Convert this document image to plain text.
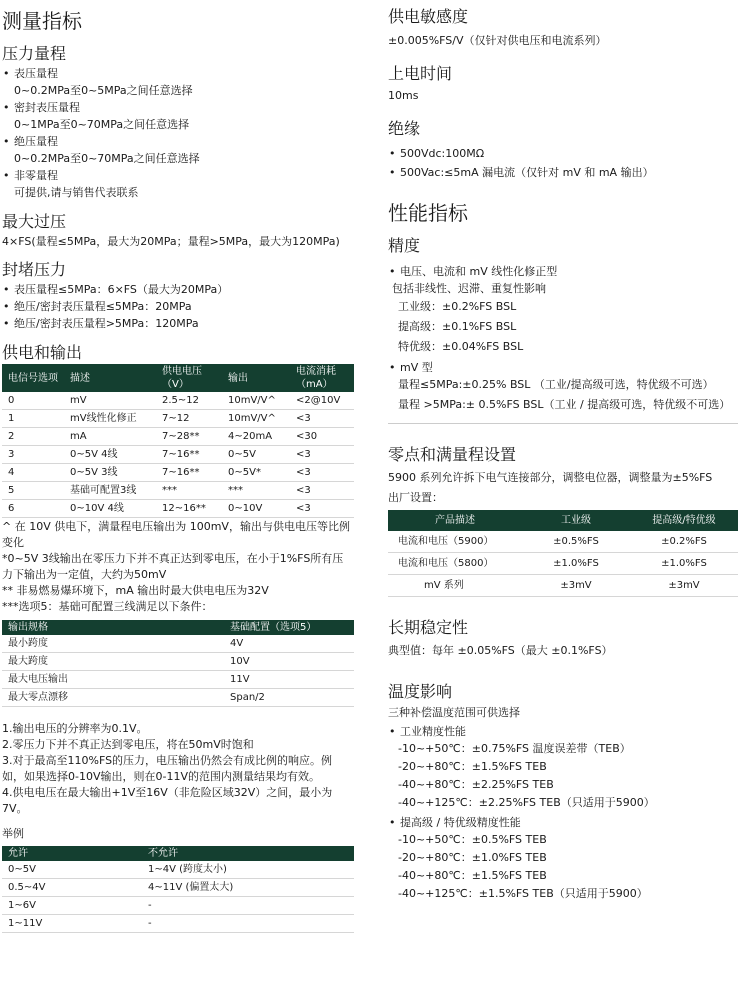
测量指标
压力量程
• 表压量程
0~0.2MPa至0~5MPa之间任意选择
• 密封表压量程
0~1MPa至0~70MPa之间任意选择
• 绝压量程
0~0.2MPa至0~70MPa之间任意选择
• 非零量程
可提供,请与销售代表联系
最大过压

4×FS(量程≤5MPa，最大为20MPa；量程>5MPa，最大为120MPa)

封堵压力
• 表压量程≤5MPa：6×FS（最大为20MPa）
• 绝压/密封表压量程≤5MPa：20MPa
• 绝压/密封表压量程>5MPa：120MPa
供电和输出
电信号选项	描述	供电电压（V）	输出	电流消耗（mA）
0	mV	2.5~12	10mV/V^	<2@10V
1	mV线性化修正	7~12	10mV/V^	<3
2	mA	7~28**	4~20mA	<30
3	0~5V 4线	7~16**	0~5V	<3
4	0~5V 3线	7~16**	0~5V*	<3
5	基础可配置3线	***	***	<3
6	0~10V 4线	12~16**	0~10V	<3
^ 在 10V 供电下，满量程电压输出为 100mV，输出与供电电压等比例变化
*0~5V 3线输出在零压力下并不真正达到零电压，在小于1%FS所有压力下输出为一定值，大约为50mV
** 非易燃易爆环境下，mA 输出时最大供电电压为32V
***选项5：基础可配置三线满足以下条件：
输出规格	基础配置（选项5）
最小跨度	4V
最大跨度	10V
最大电压输出	11V
最大零点漂移	Span/2
1.输出电压的分辨率为0.1V。
2.零压力下并不真正达到零电压，将在50mV时饱和
3.对于最高至110%FS的压力，电压输出仍然会有成比例的响应。例如，如果选择0-10V输出，则在0-11V的范围内测量结果均有效。
4.供电电压在最大输出+1V至16V（非危险区域32V）之间，最小为7V。
举例
允许	不允许
0~5V	1~4V (跨度太小)
0.5~4V	4~11V (偏置太大)
1~6V	-
1~11V	-
供电敏感度

±0.005%FS/V（仅针对供电压和电流系列）

上电时间

10ms

绝缘
• 500Vdc:100MΩ
• 500Vac:≤5mA 漏电流（仅针对 mV 和 mA 输出）
性能指标
精度
• 电压、电流和 mV 线性化修正型
包括非线性、迟滞、重复性影响
工业级：±0.2%FS BSL
提高级：±0.1%FS BSL
特优级：±0.04%FS BSL
• mV 型
量程≤5MPa:±0.25% BSL （工业/提高级可选，特优级不可选）
量程 >5MPa:± 0.5%FS BSL（工业 / 提高级可选，特优级不可选）
零点和满量程设置

5900 系列允许拆下电气连接部分，调整电位器，调整量为±5%FS

出厂设置：

产品描述	工业级	提高级/特优级
电流和电压（5900）	±0.5%FS	±0.2%FS
电流和电压（5800）	±1.0%FS	±1.0%FS
mV 系列	±3mV	±3mV
长期稳定性

典型值：每年 ±0.05%FS（最大 ±0.1%FS）

温度影响

三种补偿温度范围可供选择

• 工业精度性能
-10~+50℃：±0.75%FS 温度误差带（TEB）
-20~+80℃：±1.5%FS TEB
-40~+80℃：±2.25%FS TEB
-40~+125℃：±2.25%FS TEB（只适用于5900）
• 提高级 / 特优级精度性能
-10~+50℃：±0.5%FS TEB
-20~+80℃：±1.0%FS TEB
-40~+80℃：±1.5%FS TEB
-40~+125℃：±1.5%FS TEB（只适用于5900）
